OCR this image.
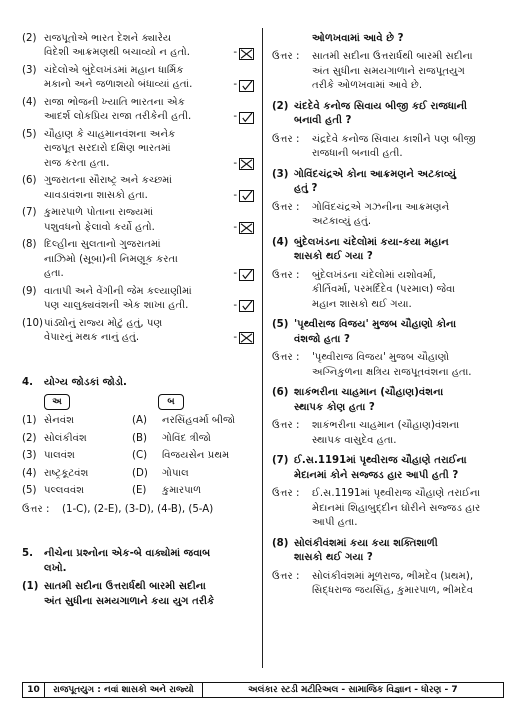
(2) રાજપૂતોએ ભારત દેશને ક્યારેય
વિદેશી આક્રમણથી બચાવ્યો ન હતો.	-
(3) ચંદેલોએ બુંદેલખંડમાં મહાન ધાર્મિક
મકાનો અને જળાશયો બંધાવ્યાં હતાં.	-
(4) રાજા ભોજની ખ્યાતિ ભારતના એક
આદર્શ લોકપ્રિય રાજા તરીકેની હતી.	-
(5) ચૌહાણ કે ચાહમાનવંશના અનેક
રાજપૂત સરદારો દક્ષિણ ભારતમાં
રાજ કરતા હતા.	-
(6) ગુજરાતના સૌરાષ્ટ્ર અને કચ્છમાં
ચાવડાવંશના શાસકો હતા.	-
(7) કુમારપાળે પોતાના રાજ્યમાં
પશુવધનો ફેલાવો કર્યો હતો.	-
(8) દિલ્હીના સુલતાનો ગુજરાતમાં
નાઝિમો (સૂબા)ની નિમણૂક કરતા
હતા.	-
(9) વાતાપી અને વેંગીની જેમ કલ્યાણીમાં
પણ ચાલુક્યવંશની એક શાખા હતી.	-
(10) પાંડ્યોનું રાજ્ય મોટું હતું, પણ
વેપારનું મથક નાનું હતું.	-
4.	યોગ્ય જોડકાં જોડો.
અ	બ
(1) સેનવંશ	(A)	નરસિંહવર્મા બીજો
(2) સોલંકીવંશ	(B)	ગોવિંદ ત્રીજો
(3) પાલવંશ	(C)	વિજયસેન પ્રથમ
(4) રાષ્ટ્રકૂટવંશ	(D)	ગોપાલ
(5) પલ્લવવંશ	(E)	કુમારપાળ
ઉત્તર :	(1-C), (2-E), (3-D), (4-B), (5-A)
5.	નીચેના પ્રશ્નોના એક-બે વાક્યોમાં જવાબ
લખો.
(1) સાતમી સદીના ઉત્તરાર્ધથી બારમી સદીના
અંત સુધીના સમયગાળાને કયા યુગ તરીકે
ઓળખવામાં આવે છે ?
ઉત્તર :	સાતમી સદીના ઉત્તરાર્ધથી બારમી સદીના
અંત સુધીના સમયગાળાને રાજપૂતયુગ
તરીકે ઓળખવામાં આવે છે.
(2) ચંદદેવે કનોજ સિવાય બીજી કઈ રાજધાની
બનાવી હતી ?
ઉત્તર :	ચંદ્રદેવે કનોજ સિવાય કાશીને પણ બીજી
રાજધાની બનાવી હતી.
(3) ગોવિંદચંદ્રએ કોના આક્રમણને અટકાવ્યું
હતું ?
ઉત્તર :	ગોવિંદચંદ્રએ ગઝનીના આક્રમણને
અટકાવ્યું હતું.
(4) બુંદેલખંડના ચંદેલોમાં કયા-કયા મહાન
શાસકો થઈ ગયા ?
ઉત્તર :	બુંદેલખંડના ચંદેલોમાં યશોવર્મા,
કીર્તિવર્મા, પરમર્દિદેવ (પરમાલ) જેવા
મહાન શાસકો થઈ ગયા.
(5) 'પૃથ્વીરાજ વિજય' મુજબ ચૌહાણો કોના
વંશજો હતા ?
ઉત્તર :	'પૃથ્વીરાજ વિજય' મુજબ ચૌહાણો
અગ્નિકુળના ક્ષત્રિય રાજપૂતવંશના હતા.
(6) શાકંભરીના ચાહમાન (ચૌહાણ)વંશના
સ્થાપક કોણ હતા ?
ઉત્તર :	શાકંભરીના ચાહમાન (ચૌહાણ)વંશના
સ્થાપક વાસુદેવ હતા.
(7) ઈ.સ.1191માં પૃથ્વીરાજ ચૌહાણે તરાઈના
મેદાનમાં કોને સજ્જડ હાર આપી હતી ?
ઉત્તર :	ઈ.સ.1191માં પૃથ્વીરાજ ચૌહાણે તરાઈના
મેદાનમાં શિહાબુદ્દીન ઘોરીને સજ્જડ હાર
આપી હતા.
(8) સોલંકીવંશમાં કયા કયા શક્તિશાળી
શાસકો થઈ ગયા ?
ઉત્તર :	સોલંકીવંશમાં મૂળરાજ, ભીમદેવ (પ્રથમ),
સિદ્ધરાજ જયસિંહ, કુમારપાળ, ભીમદેવ
10	રાજપૂતયુગ : નવાં શાસકો અને રાજ્યો	અલંકાર સ્ટડી મટીરિઅલ - સામાજિક વિજ્ઞાન - ધોરણ - 7
